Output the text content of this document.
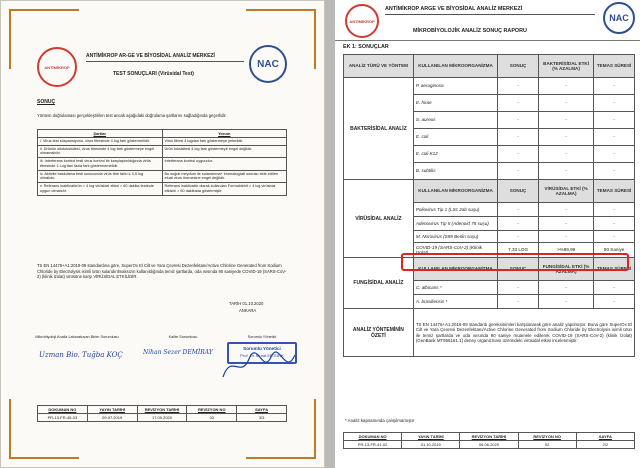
ANTİMİKROP	NAC
ANTİMİKROP AR-GE VE BİYOSİDAL ANALİZ MERKEZİ
TEST SONUÇLARI (Virüsidal Test)
SONUÇ
Yöntem doğrulaması gerçekleştirilen test ancak aşağıdaki doğrulama şartlarını sağladığında geçerlidir.
Şartlar	Yorum
i. Virus test süspansiyonu, virus titresinde 4 log fark göstermelidir.	Virus titresi 4 logdan fark göstermeye yeterlidir.
ii. Ürünün sitotoksisitesi, virus titresinde 4 log fark göstermeye engel olmamalıdır.	Ürün toksisitesi 4 log fark göstermeye engel değildir.
iii. Interferans kontrol testi virus kontrol ile karşılaştırıldığında virüs titresinde 1 Log'dan fazla fark göstermemelidir.	Interferans kontrol uygundur.
iv. Aktivite baskılama testi sonucunda virüs titre farkı ≤ 0,5 log olmalıdır.	Bu soğuk meydum ile sulandırma+ kromatografi sonrası elde edilen eluat virus üremesine engel değildir.
v. Referans inaktivatörün > 4 log virüsidal etkisi > 60 dakika testinde uygun olmalıdır.	Referans inaktivatör olarak kullanılan Formaldehit > 4 log virüsidal etkisini > 60 dakikada göstermiştir.
TS EN 14476+A1:2019-09 standardına göre, SuperOx El Cilt ve Yara Çevresi Dezenfektanı/Active Chlorine Generated from Sodium Chloride by Electrolysis isimli ürün sulandırılmaksızın kullanıldığında temiz şartlarda, oda ısısında 90 saniyede COVID-19 (SARS-CoV-2) (klinik izolat) virüsüne karşı VİRÜSİDAL ETKİLİDİR.
TARİH 01.10.2020
ANKARA
Mikrobiyoloji Analiz Laboratuvarı Birim Sorumlusu
Uzman Bio. Tuğba KOÇ
Kalite Sorumlusu
Nihan Sezer DEMİRAY
Sorumlu Yönetici
Sorumlu Yönetici
Prof. Dr. Murat ERTÜRK
DOKUMAN NO	YAYIN TARİHİ	REVİZYON TARİHİ	REVİZYON NO	SAYFA
PR-13-FR-45-03	09.07.2019	17.09.2020	03	3/3
ANTİMİKROP	NAC
ANTİMİKROP ARGE VE BİYOSİDAL ANALİZ MERKEZİ
MİKROBİYOLOJİK ANALİZ SONUÇ RAPORU
EK 1: SONUÇLAR
ANALİZ TÜRÜ VE YÖNTEM	KULLANILAN MİKROORGANİZMA	SONUÇ	BAKTERİSİDAL ETKİ (% AZALMA)	TEMAS SÜRESİ
BAKTERİSİDAL ANALİZ	P. aeruginosa	-	-	-
	E. hirae	-	-	-
	S. aureus	-	-	-
	E. coli	-	-	-
	E. coli K12	-	-	-
	B. subtilis	-	-	-
VİRÜSİDAL ANALİZ	KULLANILAN MİKROORGANİZMA	SONUÇ	VİRÜSİDAL ETKİ (% AZALMA)	TEMAS SÜRESİ
	Poliovirus Tip 1 (LSc 2ab suşu)	-	-	-
	Adenovirüs Tip 5 (Adenoid 75 suşu)	-	-	-
	M. Norovirus (S99 Berlin suşu)	-	-	-
	COVID-19 (SARS-CoV-2) (Klinik İzolat)	7,33 LOG	>%99,99	90 Saniye
FUNGİSİDAL ANALİZ	KULLANILAN MİKROORGANİZMA	SONUÇ	FUNGİSİDAL ETKİ (% AZALMA)	TEMAS SÜRESİ
	C. albicans *	-	-	-
	A. brasiliensis *	-	-	-
ANALİZ YÖNTEMİNİN ÖZETİ	TS EN 14476+A1:2016-09 standardı gereksinimleri karşılanarak göre analiz yapılmıştır. Buna göre SuperOx El Cilt ve Yara Çevresi Dezenfektanı/Active Chlorine Generated from Sodium Chloride by Electrolysis isimli ürün ile temiz şartlarda ve oda ısısında 90 saniye muamele edilerek COVID-19 (SARS-CoV-2) (klinik İzolat) (GenBank MT956161.1) deney organizması üzerindeki virüsidal etkisi incelenmiştir.			
* Analiz kapsamında çalışılmamıştır
DOKUMAN NO	YAYIN TARİHİ	REVİZYON TARİHİ	REVİZYON NO	SAYFA
PR-13-FR-41-02	01.10.2019	06.06.2020	02	2/2
